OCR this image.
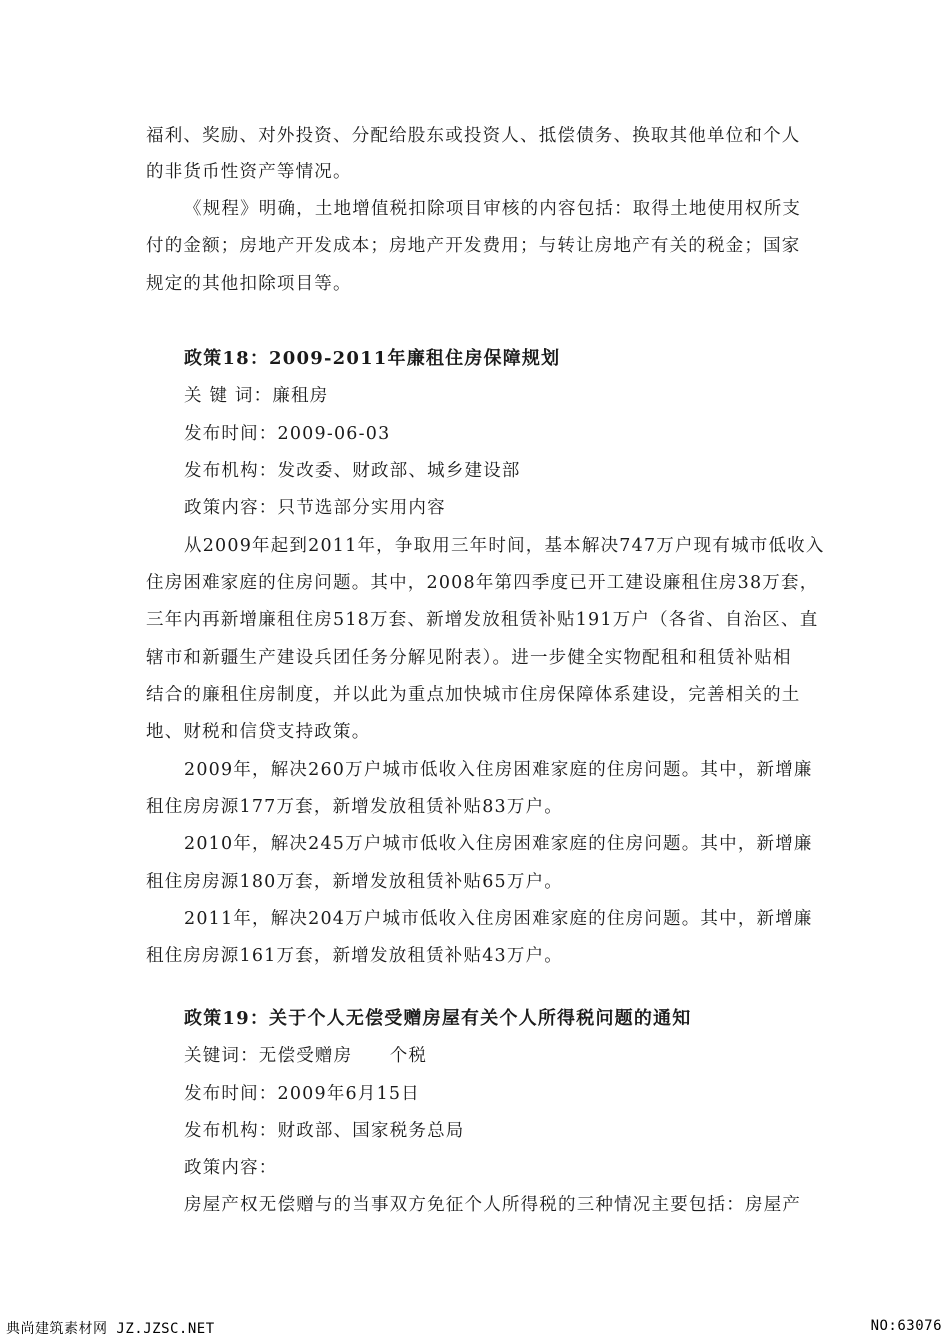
福利、奖励、对外投资、分配给股东或投资人、抵偿债务、换取其他单位和个人
的非货币性资产等情况。
《规程》明确，土地增值税扣除项目审核的内容包括：取得土地使用权所支
付的金额；房地产开发成本；房地产开发费用；与转让房地产有关的税金；国家
规定的其他扣除项目等。
政策18：2009-2011年廉租住房保障规划
关 键 词：廉租房
发布时间：2009-06-03
发布机构：发改委、财政部、城乡建设部
政策内容：只节选部分实用内容
从2009年起到2011年，争取用三年时间，基本解决747万户现有城市低收入
住房困难家庭的住房问题。其中，2008年第四季度已开工建设廉租住房38万套，
三年内再新增廉租住房518万套、新增发放租赁补贴191万户（各省、自治区、直
辖市和新疆生产建设兵团任务分解见附表）。进一步健全实物配租和租赁补贴相
结合的廉租住房制度，并以此为重点加快城市住房保障体系建设，完善相关的土
地、财税和信贷支持政策。
2009年，解决260万户城市低收入住房困难家庭的住房问题。其中，新增廉
租住房房源177万套，新增发放租赁补贴83万户。
2010年，解决245万户城市低收入住房困难家庭的住房问题。其中，新增廉
租住房房源180万套，新增发放租赁补贴65万户。
2011年，解决204万户城市低收入住房困难家庭的住房问题。其中，新增廉
租住房房源161万套，新增发放租赁补贴43万户。
政策19：关于个人无偿受赠房屋有关个人所得税问题的通知
关键词：无偿受赠房　　个税
发布时间：2009年6月15日
发布机构：财政部、国家税务总局
政策内容：
房屋产权无偿赠与的当事双方免征个人所得税的三种情况主要包括：房屋产
典尚建筑素材网 JZ.JZSC.NET	NO:63076
